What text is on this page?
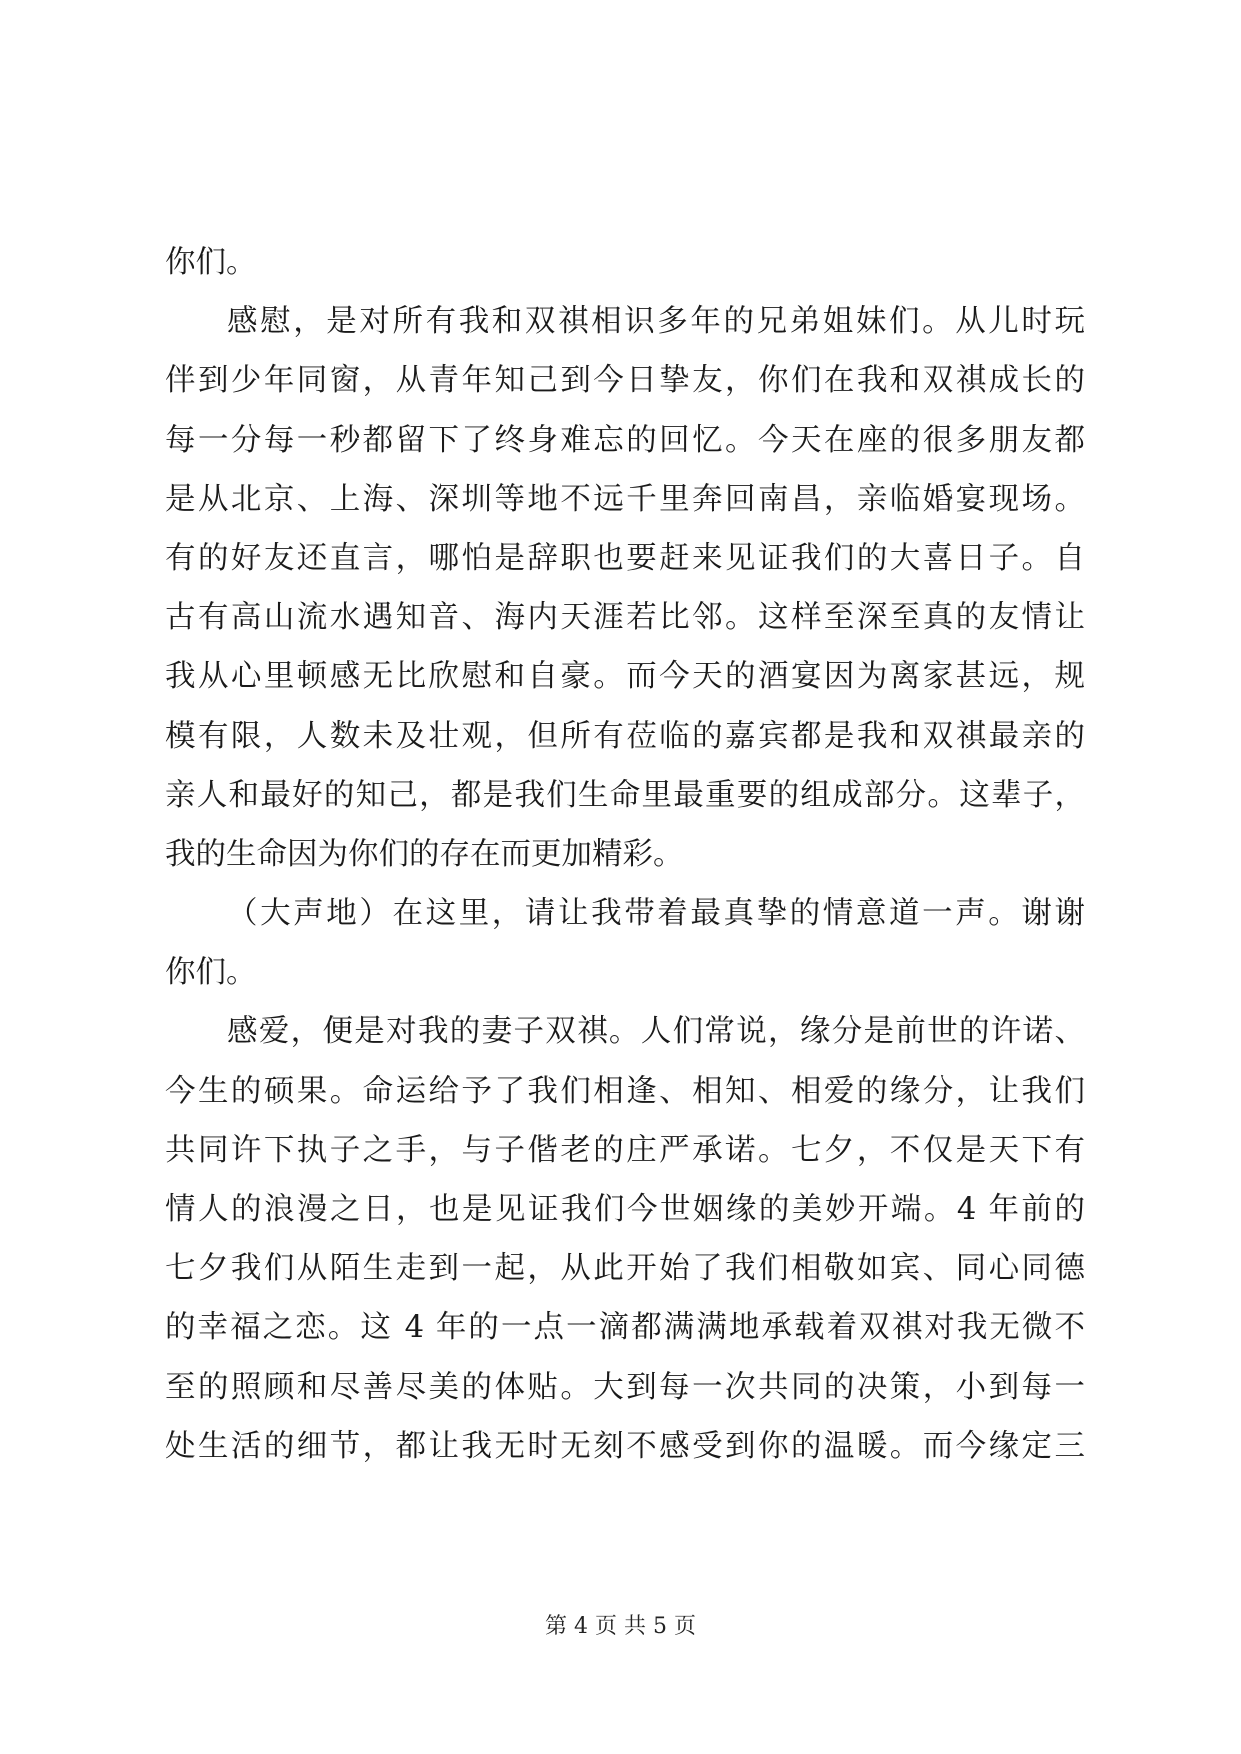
你们。
感慰，是对所有我和双祺相识多年的兄弟姐妹们。从儿时玩
伴到少年同窗，从青年知己到今日挚友，你们在我和双祺成长的
每一分每一秒都留下了终身难忘的回忆。今天在座的很多朋友都
是从北京、上海、深圳等地不远千里奔回南昌，亲临婚宴现场。
有的好友还直言，哪怕是辞职也要赶来见证我们的大喜日子。自
古有高山流水遇知音、海内天涯若比邻。这样至深至真的友情让
我从心里顿感无比欣慰和自豪。而今天的酒宴因为离家甚远，规
模有限，人数未及壮观，但所有莅临的嘉宾都是我和双祺最亲的
亲人和最好的知己，都是我们生命里最重要的组成部分。这辈子，
我的生命因为你们的存在而更加精彩。
（大声地）在这里，请让我带着最真挚的情意道一声。谢谢
你们。
感爱，便是对我的妻子双祺。人们常说，缘分是前世的许诺、
今生的硕果。命运给予了我们相逢、相知、相爱的缘分，让我们
共同许下执子之手，与子偕老的庄严承诺。七夕，不仅是天下有
情人的浪漫之日，也是见证我们今世姻缘的美妙开端。4 年前的
七夕我们从陌生走到一起，从此开始了我们相敬如宾、同心同德
的幸福之恋。这 4 年的一点一滴都满满地承载着双祺对我无微不
至的照顾和尽善尽美的体贴。大到每一次共同的决策，小到每一
处生活的细节，都让我无时无刻不感受到你的温暖。而今缘定三
第 4 页 共 5 页
